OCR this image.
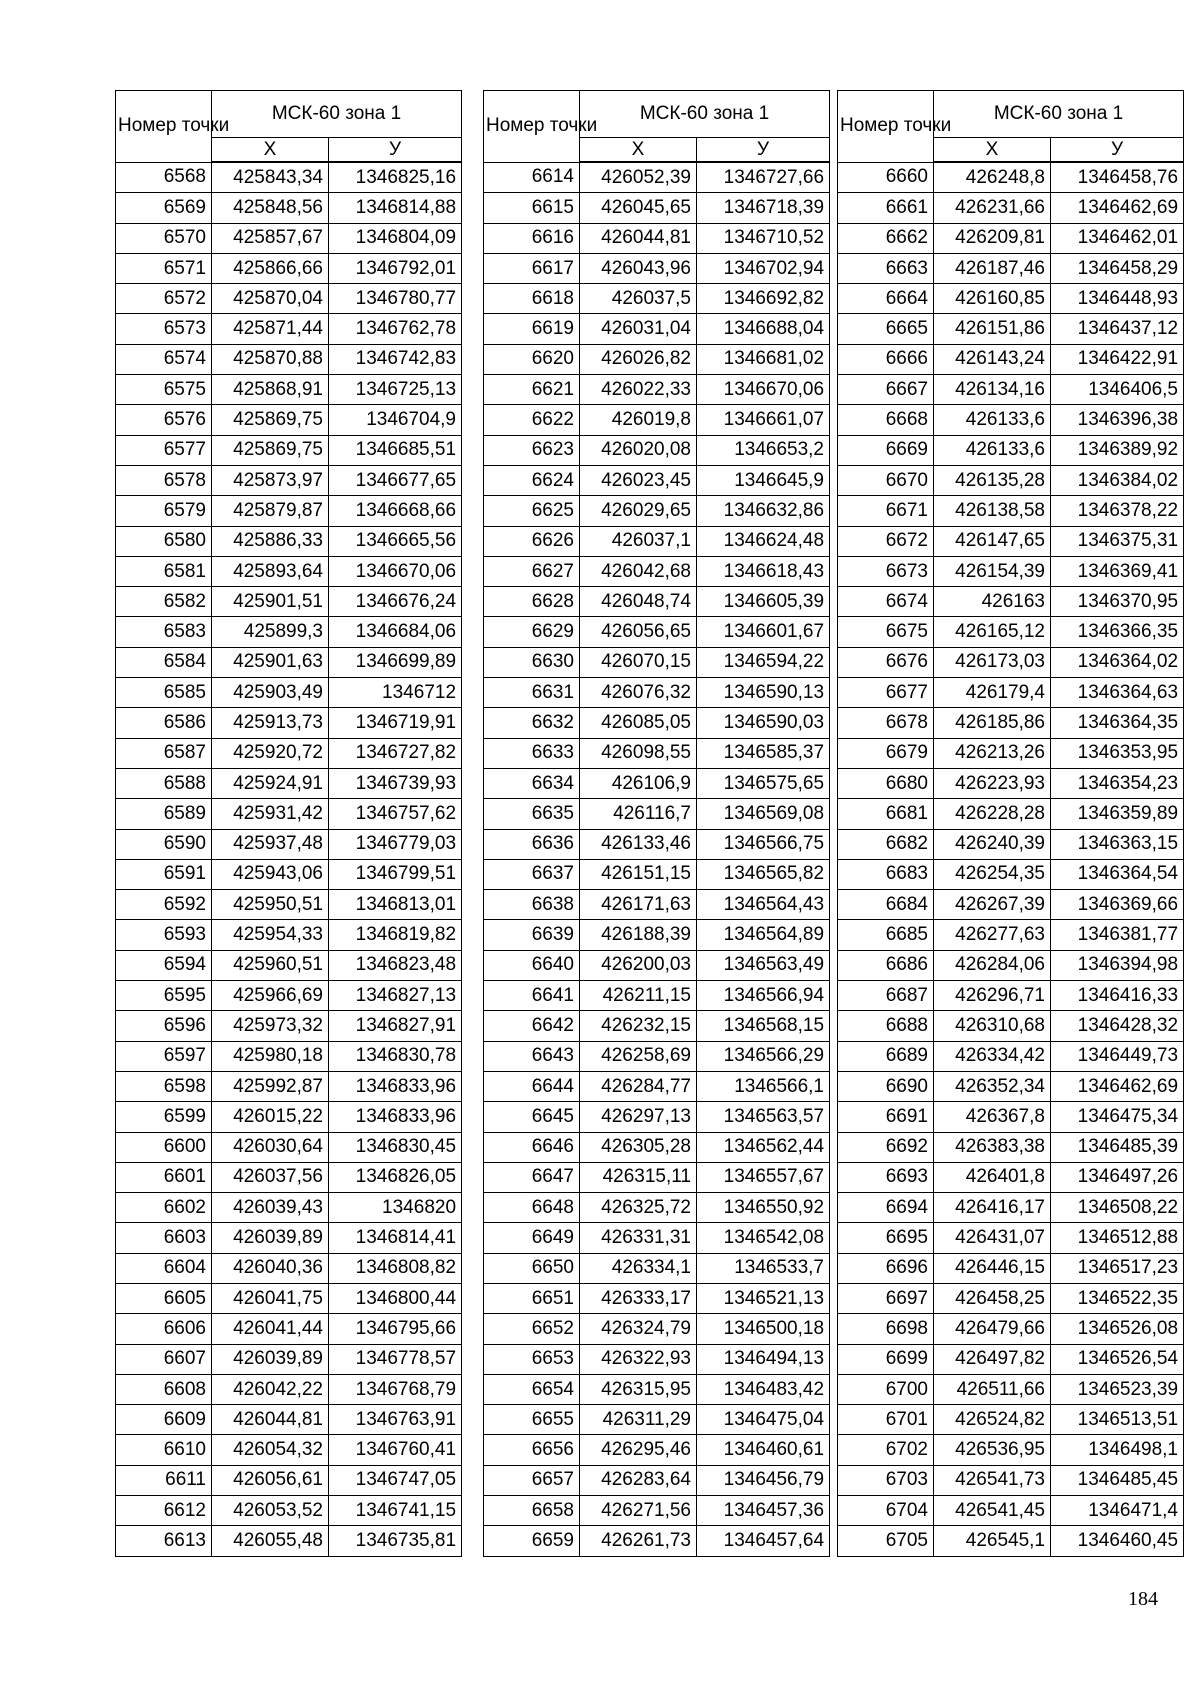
Номер точки	МСК-60 зона 1	
	Х	У
6568	425843,34	1346825,16
6569	425848,56	1346814,88
6570	425857,67	1346804,09
6571	425866,66	1346792,01
6572	425870,04	1346780,77
6573	425871,44	1346762,78
6574	425870,88	1346742,83
6575	425868,91	1346725,13
6576	425869,75	1346704,9
6577	425869,75	1346685,51
6578	425873,97	1346677,65
6579	425879,87	1346668,66
6580	425886,33	1346665,56
6581	425893,64	1346670,06
6582	425901,51	1346676,24
6583	425899,3	1346684,06
6584	425901,63	1346699,89
6585	425903,49	1346712
6586	425913,73	1346719,91
6587	425920,72	1346727,82
6588	425924,91	1346739,93
6589	425931,42	1346757,62
6590	425937,48	1346779,03
6591	425943,06	1346799,51
6592	425950,51	1346813,01
6593	425954,33	1346819,82
6594	425960,51	1346823,48
6595	425966,69	1346827,13
6596	425973,32	1346827,91
6597	425980,18	1346830,78
6598	425992,87	1346833,96
6599	426015,22	1346833,96
6600	426030,64	1346830,45
6601	426037,56	1346826,05
6602	426039,43	1346820
6603	426039,89	1346814,41
6604	426040,36	1346808,82
6605	426041,75	1346800,44
6606	426041,44	1346795,66
6607	426039,89	1346778,57
6608	426042,22	1346768,79
6609	426044,81	1346763,91
6610	426054,32	1346760,41
6611	426056,61	1346747,05
6612	426053,52	1346741,15
6613	426055,48	1346735,81
Номер точки	МСК-60 зона 1	
	Х	У
6614	426052,39	1346727,66
6615	426045,65	1346718,39
6616	426044,81	1346710,52
6617	426043,96	1346702,94
6618	426037,5	1346692,82
6619	426031,04	1346688,04
6620	426026,82	1346681,02
6621	426022,33	1346670,06
6622	426019,8	1346661,07
6623	426020,08	1346653,2
6624	426023,45	1346645,9
6625	426029,65	1346632,86
6626	426037,1	1346624,48
6627	426042,68	1346618,43
6628	426048,74	1346605,39
6629	426056,65	1346601,67
6630	426070,15	1346594,22
6631	426076,32	1346590,13
6632	426085,05	1346590,03
6633	426098,55	1346585,37
6634	426106,9	1346575,65
6635	426116,7	1346569,08
6636	426133,46	1346566,75
6637	426151,15	1346565,82
6638	426171,63	1346564,43
6639	426188,39	1346564,89
6640	426200,03	1346563,49
6641	426211,15	1346566,94
6642	426232,15	1346568,15
6643	426258,69	1346566,29
6644	426284,77	1346566,1
6645	426297,13	1346563,57
6646	426305,28	1346562,44
6647	426315,11	1346557,67
6648	426325,72	1346550,92
6649	426331,31	1346542,08
6650	426334,1	1346533,7
6651	426333,17	1346521,13
6652	426324,79	1346500,18
6653	426322,93	1346494,13
6654	426315,95	1346483,42
6655	426311,29	1346475,04
6656	426295,46	1346460,61
6657	426283,64	1346456,79
6658	426271,56	1346457,36
6659	426261,73	1346457,64
Номер точки	МСК-60 зона 1	
	Х	У
6660	426248,8	1346458,76
6661	426231,66	1346462,69
6662	426209,81	1346462,01
6663	426187,46	1346458,29
6664	426160,85	1346448,93
6665	426151,86	1346437,12
6666	426143,24	1346422,91
6667	426134,16	1346406,5
6668	426133,6	1346396,38
6669	426133,6	1346389,92
6670	426135,28	1346384,02
6671	426138,58	1346378,22
6672	426147,65	1346375,31
6673	426154,39	1346369,41
6674	426163	1346370,95
6675	426165,12	1346366,35
6676	426173,03	1346364,02
6677	426179,4	1346364,63
6678	426185,86	1346364,35
6679	426213,26	1346353,95
6680	426223,93	1346354,23
6681	426228,28	1346359,89
6682	426240,39	1346363,15
6683	426254,35	1346364,54
6684	426267,39	1346369,66
6685	426277,63	1346381,77
6686	426284,06	1346394,98
6687	426296,71	1346416,33
6688	426310,68	1346428,32
6689	426334,42	1346449,73
6690	426352,34	1346462,69
6691	426367,8	1346475,34
6692	426383,38	1346485,39
6693	426401,8	1346497,26
6694	426416,17	1346508,22
6695	426431,07	1346512,88
6696	426446,15	1346517,23
6697	426458,25	1346522,35
6698	426479,66	1346526,08
6699	426497,82	1346526,54
6700	426511,66	1346523,39
6701	426524,82	1346513,51
6702	426536,95	1346498,1
6703	426541,73	1346485,45
6704	426541,45	1346471,4
6705	426545,1	1346460,45
184
